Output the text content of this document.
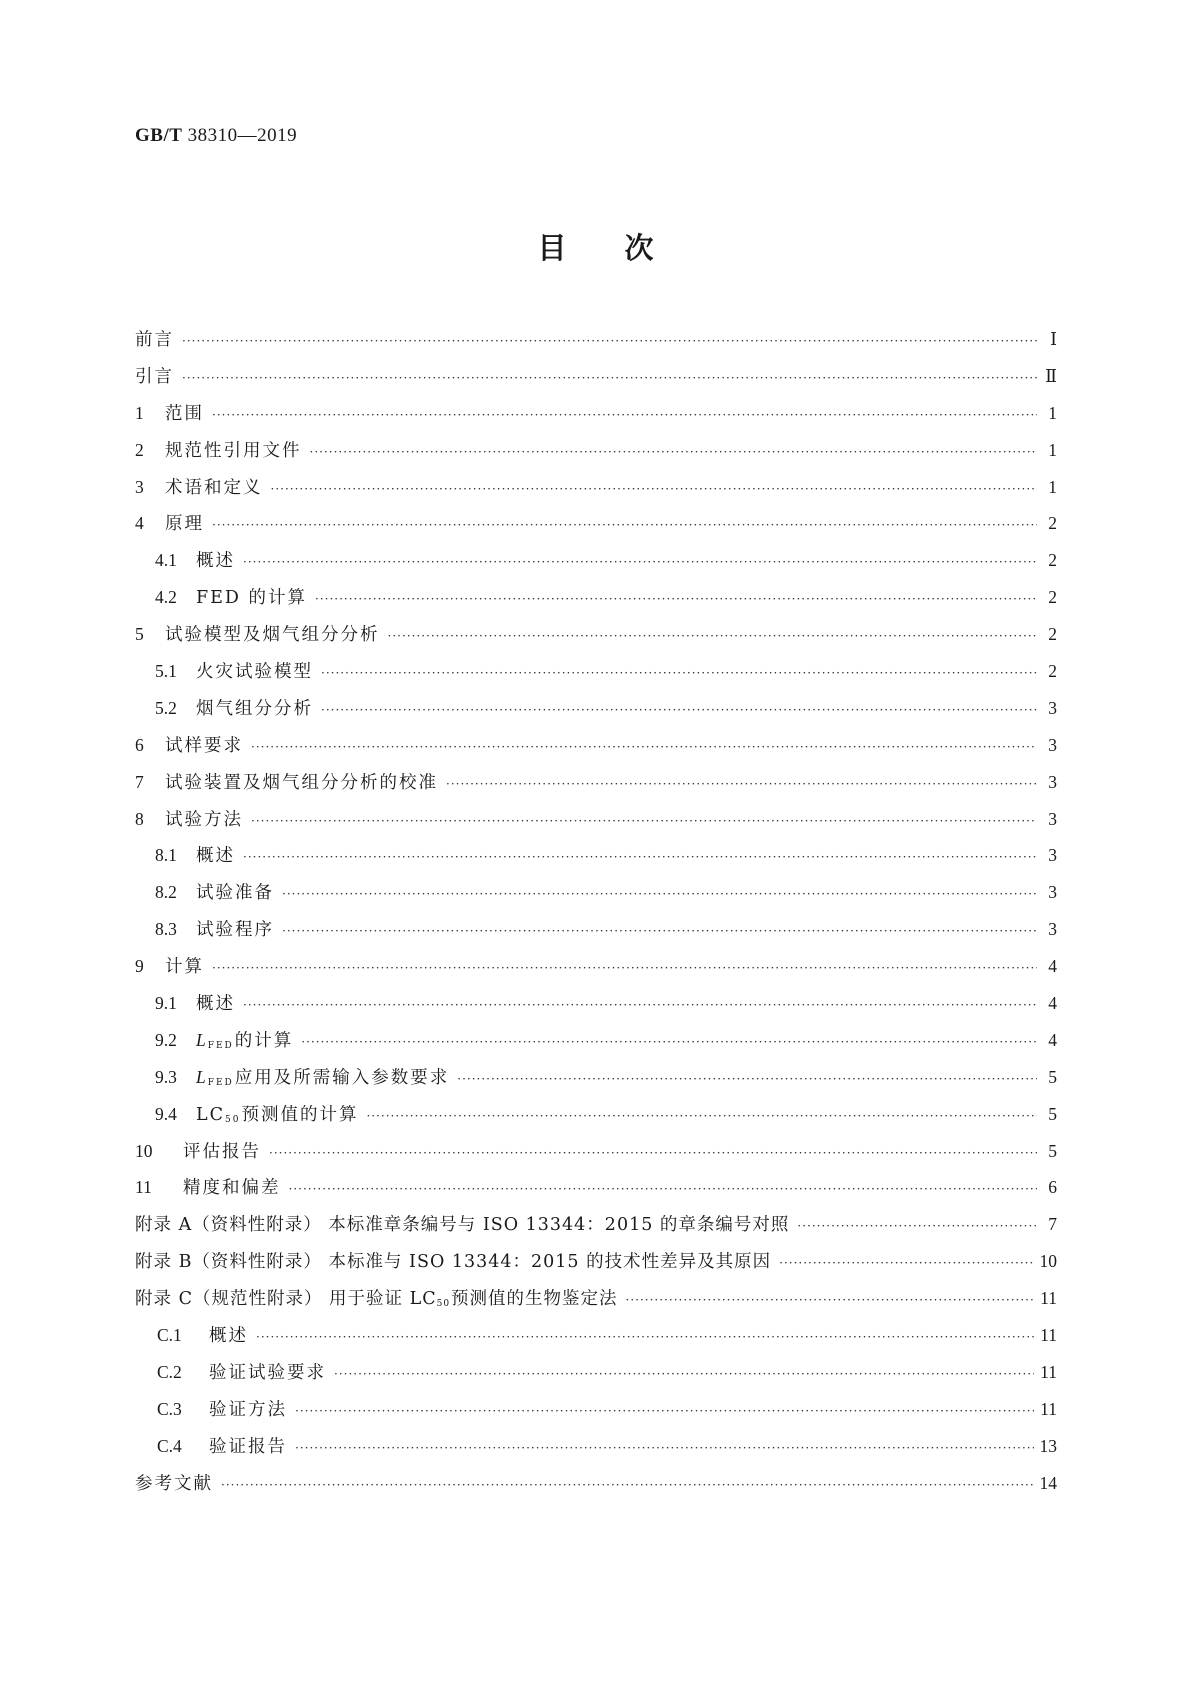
GB/T 38310—2019
目次
前言 ·····	Ⅰ
引言 ·····	Ⅱ
1	范围 ·····	1
2	规范性引用文件 ·····	1
3	术语和定义 ·····	1
4	原理 ·····	2
4.1 概述 ·····	2
4.2 FED 的计算 ·····	2
5	试验模型及烟气组分分析 ·····	2
5.1 火灾试验模型 ·····	2
5.2 烟气组分分析 ·····	3
6	试样要求 ·····	3
7	试验装置及烟气组分分析的校准 ·····	3
8	试验方法 ·····	3
8.1 概述 ·····	3
8.2 试验准备 ·····	3
8.3 试验程序 ·····	3
9	计算 ·····	4
9.1 概述 ·····	4
9.2 LFED的计算 ·····	4
9.3 LFED应用及所需输入参数要求 ·····	5
9.4 LC50预测值的计算 ·····	5
10	评估报告 ·····	5
11	精度和偏差 ·····	6
附录 A（资料性附录） 本标准章条编号与 ISO 13344：2015 的章条编号对照 ·····	7
附录 B（资料性附录） 本标准与 ISO 13344：2015 的技术性差异及其原因 ·····	10
附录 C（规范性附录） 用于验证 LC50预测值的生物鉴定法 ·····	11
C.1	概述 ·····	11
C.2	验证试验要求 ·····	11
C.3	验证方法 ·····	11
C.4	验证报告 ·····	13
参考文献 ·····	14
